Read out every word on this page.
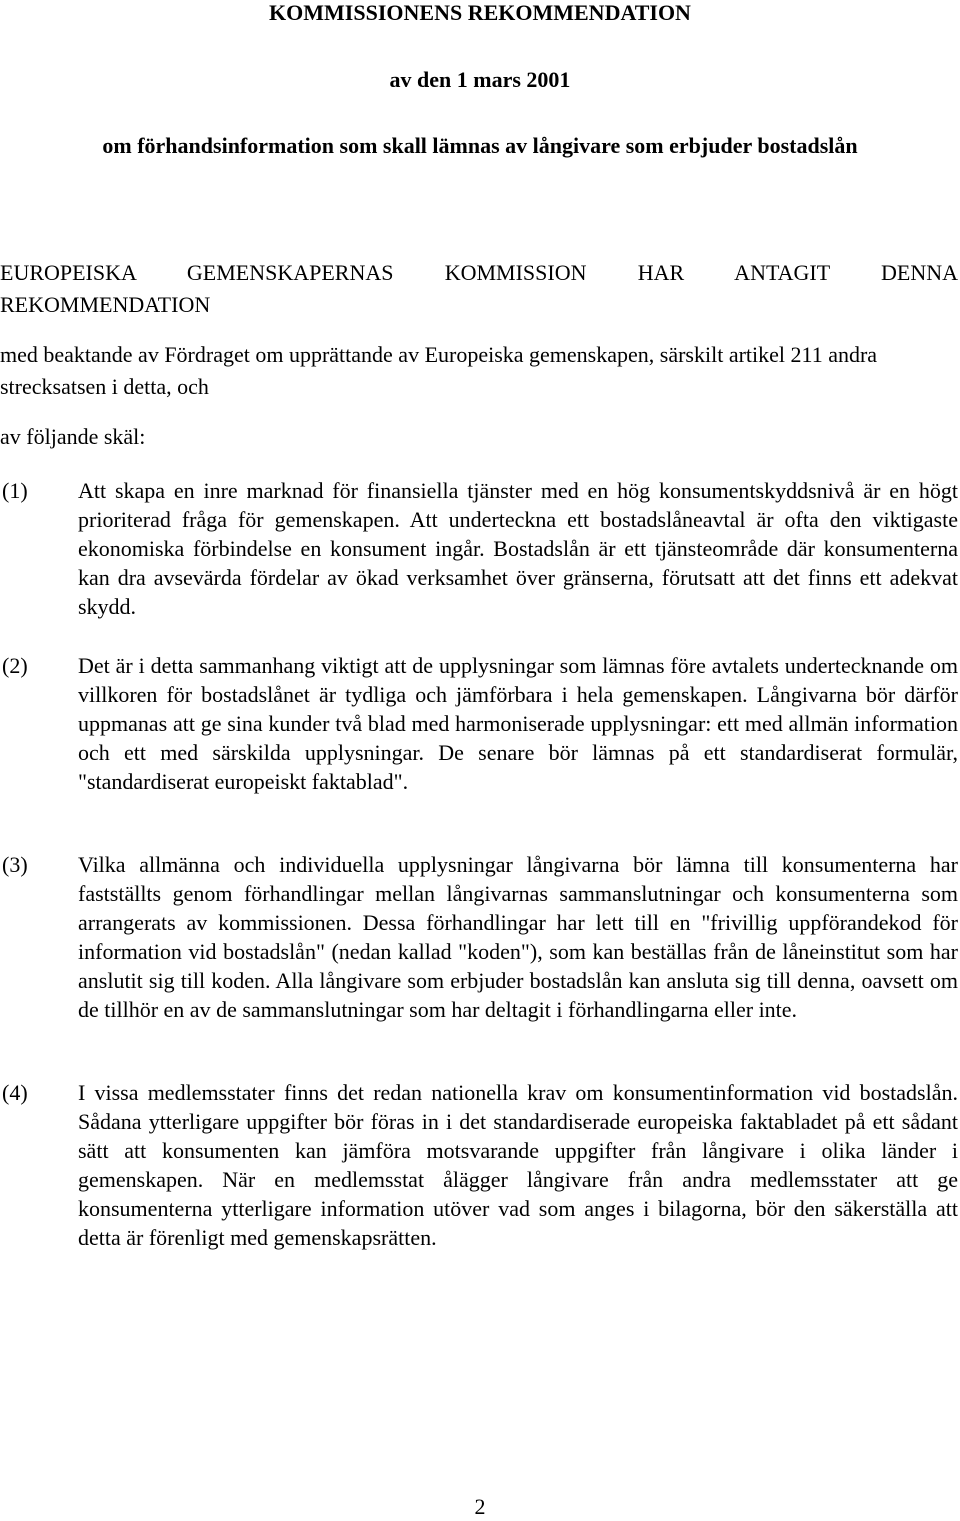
KOMMISSIONENS REKOMMENDATION
av den 1 mars 2001
om förhandsinformation som skall lämnas av långivare som erbjuder bostadslån
EUROPEISKA GEMENSKAPERNAS KOMMISSION HAR ANTAGIT DENNA
REKOMMENDATION
med beaktande av Fördraget om upprättande av Europeiska gemenskapen, särskilt artikel 211 andra strecksatsen i detta, och
av följande skäl:
(1)	Att skapa en inre marknad för finansiella tjänster med en hög konsumentskyddsnivå är en högt prioriterad fråga för gemenskapen. Att underteckna ett bostadslåneavtal är ofta den viktigaste ekonomiska förbindelse en konsument ingår. Bostadslån är ett tjänsteområde där konsumenterna kan dra avsevärda fördelar av ökad verksamhet över gränserna, förutsatt att det finns ett adekvat skydd.
(2)	Det är i detta sammanhang viktigt att de upplysningar som lämnas före avtalets undertecknande om villkoren för bostadslånet är tydliga och jämförbara i hela gemenskapen. Långivarna bör därför uppmanas att ge sina kunder två blad med harmoniserade upplysningar: ett med allmän information och ett med särskilda upplysningar. De senare bör lämnas på ett standardiserat formulär, "standardiserat europeiskt faktablad".
(3)	Vilka allmänna och individuella upplysningar långivarna bör lämna till konsumenterna har fastställts genom förhandlingar mellan långivarnas sammanslutningar och konsumenterna som arrangerats av kommissionen. Dessa förhandlingar har lett till en "frivillig uppförandekod för information vid bostadslån" (nedan kallad "koden"), som kan beställas från de låneinstitut som har anslutit sig till koden. Alla långivare som erbjuder bostadslån kan ansluta sig till denna, oavsett om de tillhör en av de sammanslutningar som har deltagit i förhandlingarna eller inte.
(4)	I vissa medlemsstater finns det redan nationella krav om konsumentinformation vid bostadslån. Sådana ytterligare uppgifter bör föras in i det standardiserade europeiska faktabladet på ett sådant sätt att konsumenten kan jämföra motsvarande uppgifter från långivare i olika länder i gemenskapen. När en medlemsstat ålägger långivare från andra medlemsstater att ge konsumenterna ytterligare information utöver vad som anges i bilagorna, bör den säkerställa att detta är förenligt med gemenskapsrätten.
2
